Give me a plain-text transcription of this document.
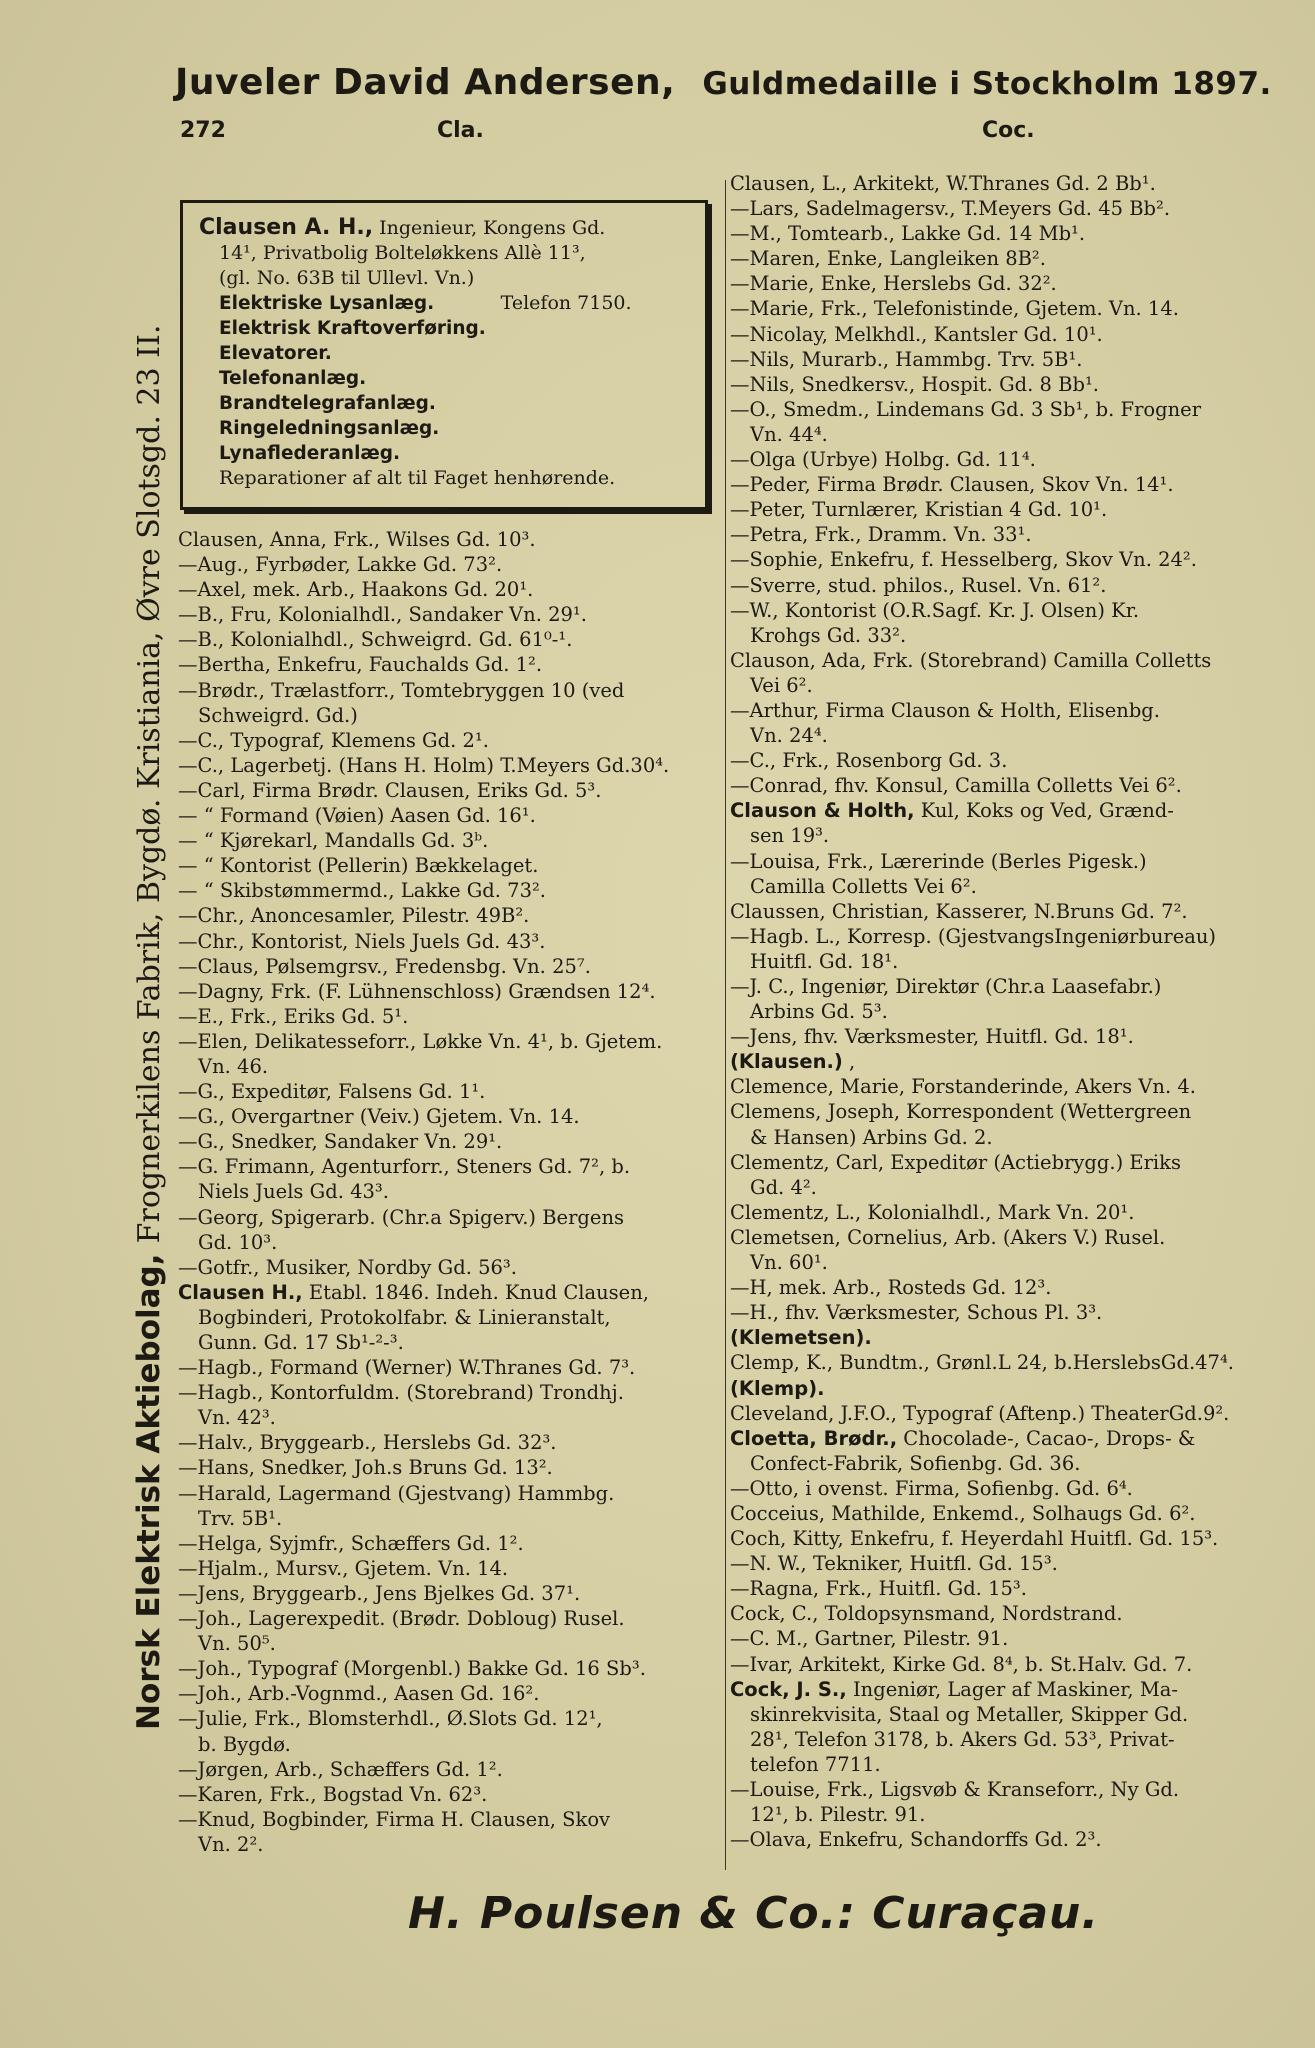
Juveler David Andersen, Guldmedaille i Stockholm 1897.
272	Cla.	Coc.
Norsk Elektrisk Aktiebolag, Frognerkilens Fabrik, Bygdø. Kristiania, Øvre Slotsgd. 23 II.
Clausen A. H., Ingenieur, Kongens Gd.
14¹, Privatbolig Bolteløkkens Allè 11³,
(gl. No. 63B til Ullevl. Vn.)
Elektriske Lysanlæg.	Telefon 7150.
Elektrisk Kraftoverføring.
Elevatorer.
Telefonanlæg.
Brandtelegrafanlæg.
Ringeledningsanlæg.
Lynaflederanlæg.
Reparationer af alt til Faget henhørende.
Clausen, Anna, Frk., Wilses Gd. 10³.
—Aug., Fyrbøder, Lakke Gd. 73².
—Axel, mek. Arb., Haakons Gd. 20¹.
—B., Fru, Kolonialhdl., Sandaker Vn. 29¹.
—B., Kolonialhdl., Schweigrd. Gd. 61⁰-¹.
—Bertha, Enkefru, Fauchalds Gd. 1².
—Brødr., Trælastforr., Tomtebryggen 10 (ved
Schweigrd. Gd.)
—C., Typograf, Klemens Gd. 2¹.
—C., Lagerbetj. (Hans H. Holm) T.Meyers Gd.30⁴.
—Carl, Firma Brødr. Clausen, Eriks Gd. 5³.
— “ Formand (Vøien) Aasen Gd. 16¹.
— “ Kjørekarl, Mandalls Gd. 3ᵇ.
— “ Kontorist (Pellerin) Bækkelaget.
— “ Skibstømmermd., Lakke Gd. 73².
—Chr., Anoncesamler, Pilestr. 49B².
—Chr., Kontorist, Niels Juels Gd. 43³.
—Claus, Pølsemgrsv., Fredensbg. Vn. 25⁷.
—Dagny, Frk. (F. Lühnenschloss) Grændsen 12⁴.
—E., Frk., Eriks Gd. 5¹.
—Elen, Delikatesseforr., Løkke Vn. 4¹, b. Gjetem.
Vn. 46.
—G., Expeditør, Falsens Gd. 1¹.
—G., Overgartner (Veiv.) Gjetem. Vn. 14.
—G., Snedker, Sandaker Vn. 29¹.
—G. Frimann, Agenturforr., Steners Gd. 7², b.
Niels Juels Gd. 43³.
—Georg, Spigerarb. (Chr.a Spigerv.) Bergens
Gd. 10³.
—Gotfr., Musiker, Nordby Gd. 56³.
Clausen H., Etabl. 1846. Indeh. Knud Clausen,
Bogbinderi, Protokolfabr. & Linieranstalt,
Gunn. Gd. 17 Sb¹-²-³.
—Hagb., Formand (Werner) W.Thranes Gd. 7³.
—Hagb., Kontorfuldm. (Storebrand) Trondhj.
Vn. 42³.
—Halv., Bryggearb., Herslebs Gd. 32³.
—Hans, Snedker, Joh.s Bruns Gd. 13².
—Harald, Lagermand (Gjestvang) Hammbg.
Trv. 5B¹.
—Helga, Syjmfr., Schæffers Gd. 1².
—Hjalm., Mursv., Gjetem. Vn. 14.
—Jens, Bryggearb., Jens Bjelkes Gd. 37¹.
—Joh., Lagerexpedit. (Brødr. Dobloug) Rusel.
Vn. 50⁵.
—Joh., Typograf (Morgenbl.) Bakke Gd. 16 Sb³.
—Joh., Arb.-Vognmd., Aasen Gd. 16².
—Julie, Frk., Blomsterhdl., Ø.Slots Gd. 12¹,
b. Bygdø.
—Jørgen, Arb., Schæffers Gd. 1².
—Karen, Frk., Bogstad Vn. 62³.
—Knud, Bogbinder, Firma H. Clausen, Skov
Vn. 2².
Clausen, L., Arkitekt, W.Thranes Gd. 2 Bb¹.
—Lars, Sadelmagersv., T.Meyers Gd. 45 Bb².
—M., Tomtearb., Lakke Gd. 14 Mb¹.
—Maren, Enke, Langleiken 8B².
—Marie, Enke, Herslebs Gd. 32².
—Marie, Frk., Telefonistinde, Gjetem. Vn. 14.
—Nicolay, Melkhdl., Kantsler Gd. 10¹.
—Nils, Murarb., Hammbg. Trv. 5B¹.
—Nils, Snedkersv., Hospit. Gd. 8 Bb¹.
—O., Smedm., Lindemans Gd. 3 Sb¹, b. Frogner
Vn. 44⁴.
—Olga (Urbye) Holbg. Gd. 11⁴.
—Peder, Firma Brødr. Clausen, Skov Vn. 14¹.
—Peter, Turnlærer, Kristian 4 Gd. 10¹.
—Petra, Frk., Dramm. Vn. 33¹.
—Sophie, Enkefru, f. Hesselberg, Skov Vn. 24².
—Sverre, stud. philos., Rusel. Vn. 61².
—W., Kontorist (O.R.Sagf. Kr. J. Olsen) Kr.
Krohgs Gd. 33².
Clauson, Ada, Frk. (Storebrand) Camilla Colletts
Vei 6².
—Arthur, Firma Clauson & Holth, Elisenbg.
Vn. 24⁴.
—C., Frk., Rosenborg Gd. 3.
—Conrad, fhv. Konsul, Camilla Colletts Vei 6².
Clauson & Holth, Kul, Koks og Ved, Grænd-
sen 19³.
—Louisa, Frk., Lærerinde (Berles Pigesk.)
Camilla Colletts Vei 6².
Claussen, Christian, Kasserer, N.Bruns Gd. 7².
—Hagb. L., Korresp. (GjestvangsIngeniørbureau)
Huitfl. Gd. 18¹.
—J. C., Ingeniør, Direktør (Chr.a Laasefabr.)
Arbins Gd. 5³.
—Jens, fhv. Værksmester, Huitfl. Gd. 18¹.
(Klausen.) ,
Clemence, Marie, Forstanderinde, Akers Vn. 4.
Clemens, Joseph, Korrespondent (Wettergreen
& Hansen) Arbins Gd. 2.
Clementz, Carl, Expeditør (Actiebrygg.) Eriks
Gd. 4².
Clementz, L., Kolonialhdl., Mark Vn. 20¹.
Clemetsen, Cornelius, Arb. (Akers V.) Rusel.
Vn. 60¹.
—H, mek. Arb., Rosteds Gd. 12³.
—H., fhv. Værksmester, Schous Pl. 3³.
(Klemetsen).
Clemp, K., Bundtm., Grønl.L 24, b.HerslebsGd.47⁴.
(Klemp).
Cleveland, J.F.O., Typograf (Aftenp.) TheaterGd.9².
Cloetta, Brødr., Chocolade-, Cacao-, Drops- &
Confect-Fabrik, Sofienbg. Gd. 36.
—Otto, i ovenst. Firma, Sofienbg. Gd. 6⁴.
Cocceius, Mathilde, Enkemd., Solhaugs Gd. 6².
Coch, Kitty, Enkefru, f. Heyerdahl Huitfl. Gd. 15³.
—N. W., Tekniker, Huitfl. Gd. 15³.
—Ragna, Frk., Huitfl. Gd. 15³.
Cock, C., Toldopsynsmand, Nordstrand.
—C. M., Gartner, Pilestr. 91.
—Ivar, Arkitekt, Kirke Gd. 8⁴, b. St.Halv. Gd. 7.
Cock, J. S., Ingeniør, Lager af Maskiner, Ma-
skinrekvisita, Staal og Metaller, Skipper Gd.
28¹, Telefon 3178, b. Akers Gd. 53³, Privat-
telefon 7711.
—Louise, Frk., Ligsvøb & Kranseforr., Ny Gd.
12¹, b. Pilestr. 91.
—Olava, Enkefru, Schandorffs Gd. 2³.
H. Poulsen & Co.: Curaçau.
